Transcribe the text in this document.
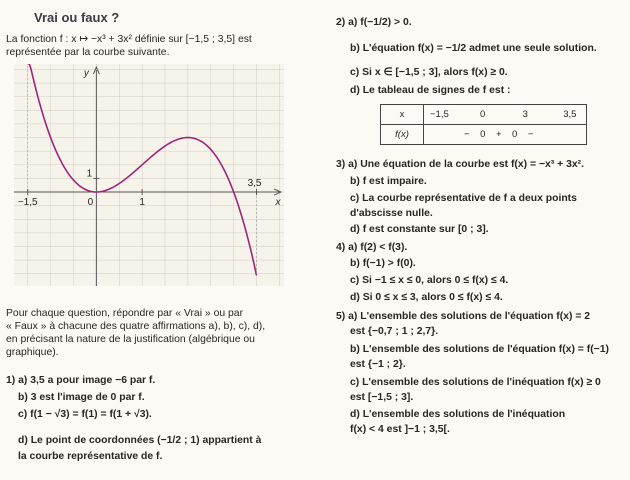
Vrai ou faux ?

La fonction f : x ↦ −x³ + 3x² définie sur [−1,5 ; 3,5] est

représentée par la courbe suivante.

−1,5	0	1
3,5
1
x
y

Pour chaque question, répondre par « Vrai » ou par

« Faux » à chacune des quatre affirmations a), b), c), d),

en précisant la nature de la justification (algébrique ou

graphique).

1) a) 3,5 a pour image −6 par f.
b) 3 est l'image de 0 par f.
c) f(1 − √3) = f(1) = f(1 + √3).
d) Le point de coordonnées (−1/2 ; 1) appartient à
la courbe représentative de f.
2) a) f(−1/2) > 0.
b) L'équation f(x) = −1/2 admet une seule solution.
c) Si x ∈ [−1,5 ; 3], alors f(x) ≥ 0.
d) Le tableau de signes de f est :
x	−1,5 0 3 3,5
f(x)	−    0    +    0    −
3) a) Une équation de la courbe est f(x) = −x³ + 3x².
b) f est impaire.
c) La courbe représentative de f a deux points
d'abscisse nulle.
d) f est constante sur [0 ; 3].
4) a) f(2) < f(3).
b) f(−1) > f(0).
c) Si −1 ≤ x ≤ 0, alors 0 ≤ f(x) ≤ 4.
d) Si 0 ≤ x ≤ 3, alors 0 ≤ f(x) ≤ 4.
5) a) L'ensemble des solutions de l'équation f(x) = 2
est {−0,7 ; 1 ; 2,7}.
b) L'ensemble des solutions de l'équation f(x) = f(−1)
est {−1 ; 2}.
c) L'ensemble des solutions de l'inéquation f(x) ≥ 0
est [−1,5 ; 3].
d) L'ensemble des solutions de l'inéquation
f(x) < 4 est ]−1 ; 3,5[.
